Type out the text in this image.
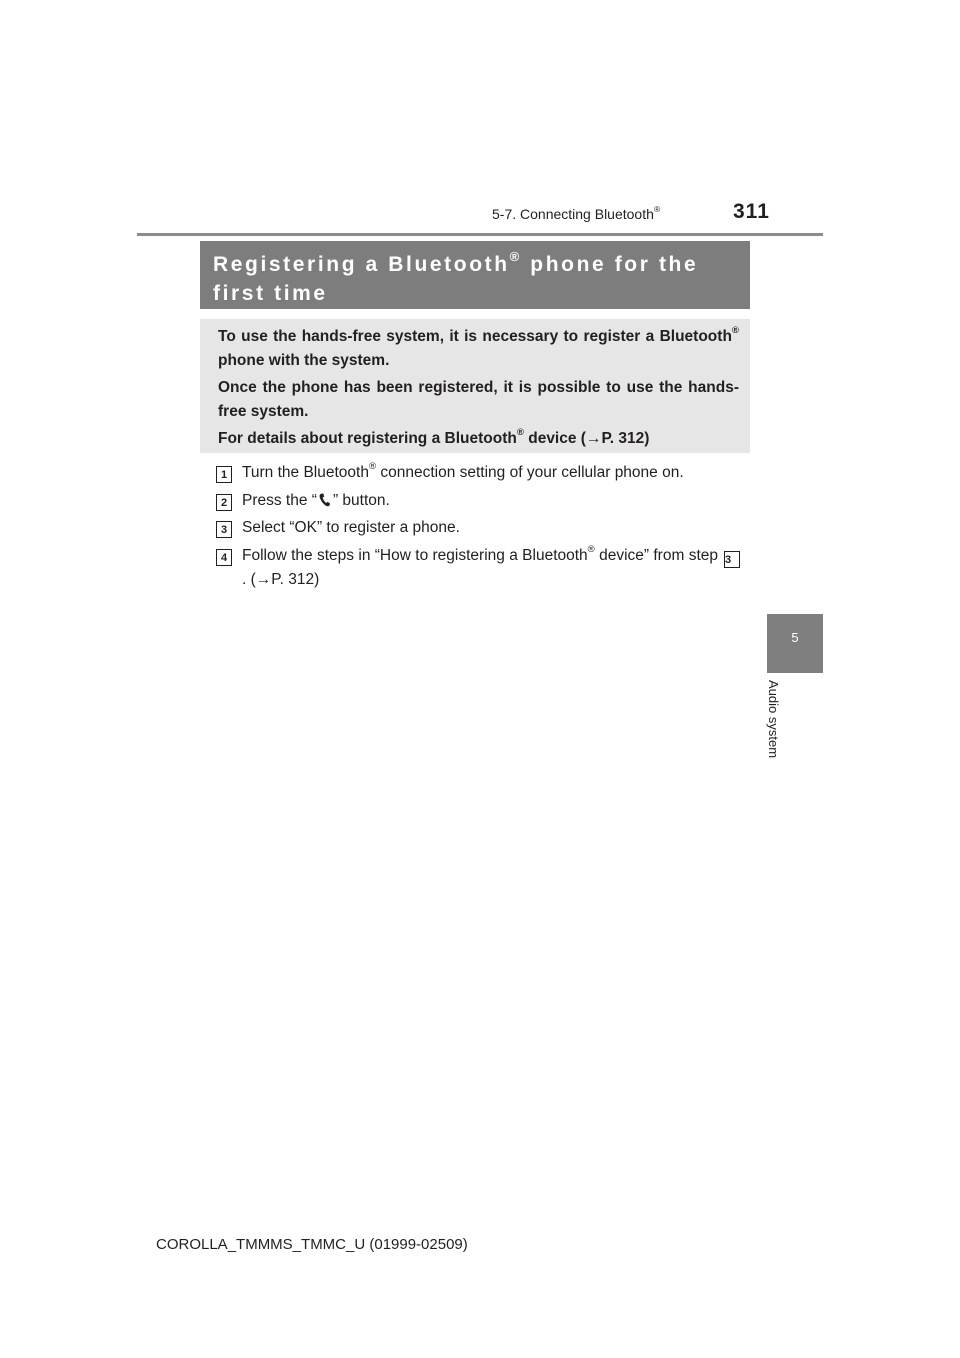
5-7. Connecting Bluetooth®	311
5
Audio system
Registering a Bluetooth® phone for the first time

To use the hands-free system, it is necessary to register a Bluetooth® phone with the system.

Once the phone has been registered, it is possible to use the hands-free system.

For details about registering a Bluetooth® device (→P. 312)

1 Turn the Bluetooth® connection setting of your cellular phone on.
2 Press the “ ” button.
3 Select “OK” to register a phone.
4 Follow the steps in “How to registering a Bluetooth® device” from step 3. (→P. 312)
COROLLA_TMMMS_TMMC_U (01999-02509)
